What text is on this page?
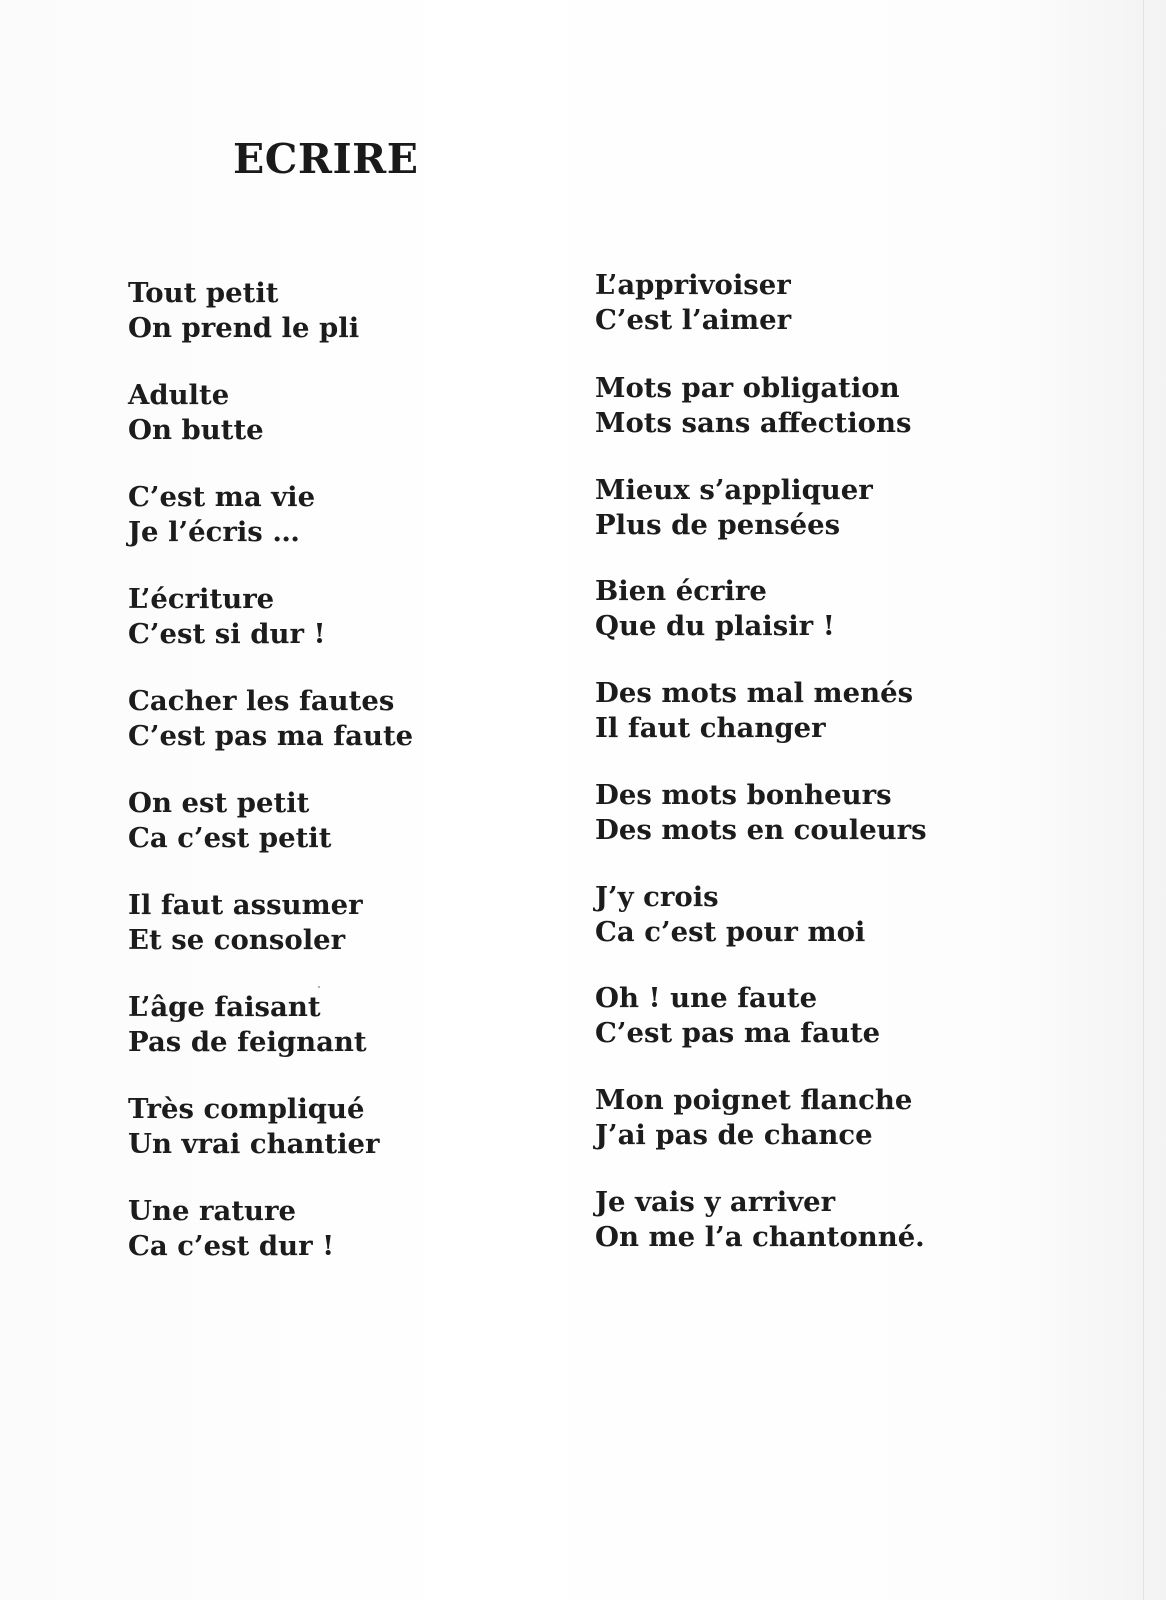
ECRIRE
Tout petit
On prend le pli
Adulte
On butte
C’est ma vie
Je l’écris …
L’écriture
C’est si dur !
Cacher les fautes
C’est pas ma faute
On est petit
Ca c’est petit
Il faut assumer
Et se consoler
L’âge faisant
Pas de feignant
Très compliqué
Un vrai chantier
Une rature
Ca c’est dur !
L’apprivoiser
C’est l’aimer
Mots par obligation
Mots sans affections
Mieux s’appliquer
Plus de pensées
Bien écrire
Que du plaisir !
Des mots mal menés
Il faut changer
Des mots bonheurs
Des mots en couleurs
J’y crois
Ca c’est pour moi
Oh ! une faute
C’est pas ma faute
Mon poignet flanche
J’ai pas de chance
Je vais y arriver
On me l’a chantonné.
